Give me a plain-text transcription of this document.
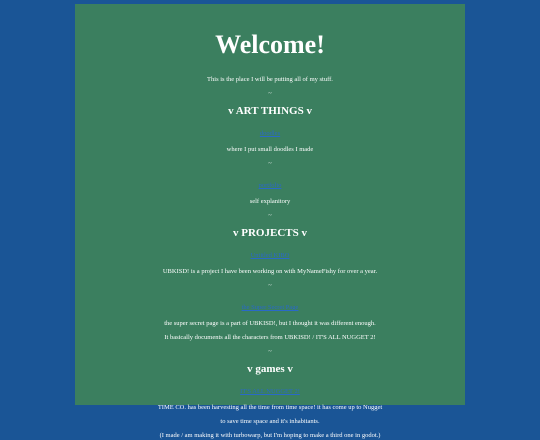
Welcome!

This is the place I will be putting all of my stuff.

~
v ART THINGS v
doodles

where I put small doodles I made

~
portfolio

self explanitory

~
v PROJECTS v
Untitled KIBO

UBKISD! is a project I have been working on with MyNameFishy for over a year.

~
the Super Secret Page

the super secret page is a part of UBKISD!, but I thought it was different enough.

It basically documents all the characters from UBKISD! / IT'S ALL NUGGET 2!

~
v games v
IT'S ALL NUGGET 2!

TIME CO. has been harvesting all the time from time space! it has come up to Nugget

to save time space and it's inhabitants.

(I made / am making it with turbowarp, but I'm hoping to make a third one in godot.)
